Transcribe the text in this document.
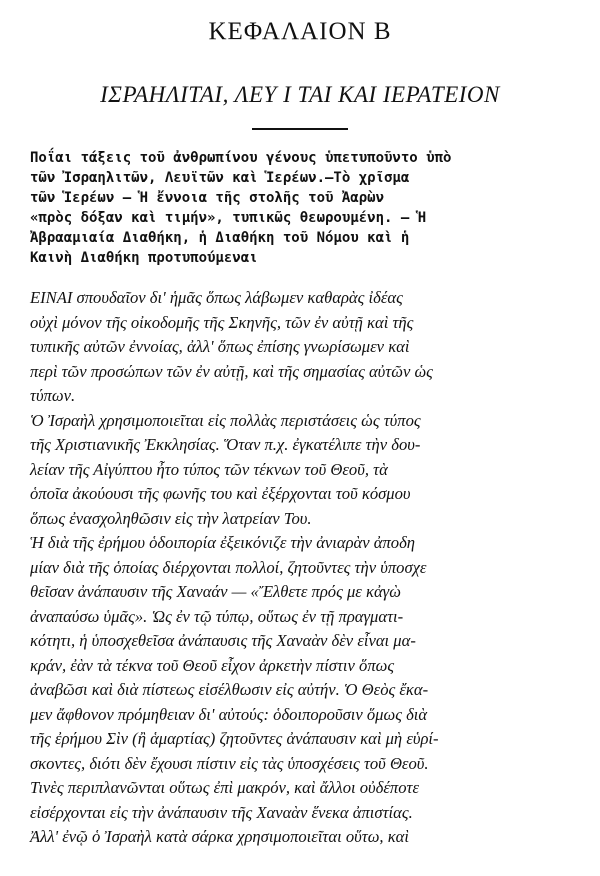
ΚΕΦΑΛΑΙΟΝ Β
ΙΣΡΑΗΛΙΤΑΙ, ΛΕΥ Ι ΤΑΙ ΚΑΙ ΙΕΡΑΤΕΙΟΝ
Ποΐαι τάξεις τοῦ ἀνθρωπίνου γένους ὑπετυποῦντο ὑπὸ
τῶν Ἰσραηλιτῶν, Λευϊτῶν καὶ Ἱερέων.—Τὸ χρῖσμα
τῶν Ἱερέων — Ἡ ἔννοια τῆς στολῆς τοῦ Ἀαρὼν
«πρὸς δόξαν καὶ τιμήν», τυπικῶς θεωρουμένη. — Ἡ
Ἀβρααμιαία Διαθήκη, ἡ Διαθήκη τοῦ Νόμου καὶ ἡ
Καινὴ Διαθήκη προτυπούμεναι
ΕΙΝΑΙ σπουδαῖον δι' ἡμᾶς ὅπως λάβωμεν καθαρὰς ἰδέας
οὐχὶ μόνον τῆς οἰκοδομῆς τῆς Σκηνῆς, τῶν ἐν αὐτῇ καὶ τῆς
τυπικῆς αὐτῶν ἐννοίας, ἀλλ' ὅπως ἐπίσης γνωρίσωμεν καὶ
περὶ τῶν προσώπων τῶν ἐν αὐτῇ, καὶ τῆς σημασίας αὐτῶν ὡς
τύπων.
Ὁ Ἰσραὴλ χρησιμοποιεῖται εἰς πολλὰς περιστάσεις ὡς τύπος
τῆς Χριστιανικῆς Ἐκκλησίας. Ὅταν π.χ. ἐγκατέλιπε τὴν δου-
λείαν τῆς Αἰγύπτου ἦτο τύπος τῶν τέκνων τοῦ Θεοῦ, τὰ
ὁποῖα ἀκούουσι τῆς φωνῆς του καὶ ἐξέρχονται τοῦ κόσμου
ὅπως ἐνασχοληθῶσιν εἰς τὴν λατρείαν Του.
Ἡ διὰ τῆς ἐρήμου ὁδοιπορία ἐξεικόνιζε τὴν ἀνιαρὰν ἀποδη
μίαν διὰ τῆς ὁποίας διέρχονται πολλοί, ζητοῦντες τὴν ὑποσχε
θεῖσαν ἀνάπαυσιν τῆς Χαναάν — «Ἔλθετε πρός με κἀγὼ
ἀναπαύσω ὑμᾶς». Ὡς ἐν τῷ τύπῳ, οὕτως ἐν τῇ πραγματι-
κότητι, ἡ ὑποσχεθεῖσα ἀνάπαυσις τῆς Χαναὰν δὲν εἶναι μα-
κράν, ἐὰν τὰ τέκνα τοῦ Θεοῦ εἶχον ἀρκετὴν πίστιν ὅπως
ἀναβῶσι καὶ διὰ πίστεως εἰσέλθωσιν εἰς αὐτήν. Ὁ Θεὸς ἔκα-
μεν ἄφθονον πρόμηθειαν δι' αὐτούς: ὁδοιποροῦσιν ὅμως διὰ
τῆς ἐρήμου Σὶν (ἢ ἁμαρτίας) ζητοῦντες ἀνάπαυσιν καὶ μὴ εὑρί-
σκοντες, διότι δὲν ἔχουσι πίστιν εἰς τὰς ὑποσχέσεις τοῦ Θεοῦ.
Τινὲς περιπλανῶνται οὕτως ἐπὶ μακρόν, καὶ ἄλλοι οὐδέποτε
εἰσέρχονται εἰς τὴν ἀνάπαυσιν τῆς Χαναὰν ἕνεκα ἀπιστίας.
Ἀλλ' ἐνῷ ὁ Ἰσραὴλ κατὰ σάρκα χρησιμοποιεῖται οὕτω, καὶ
